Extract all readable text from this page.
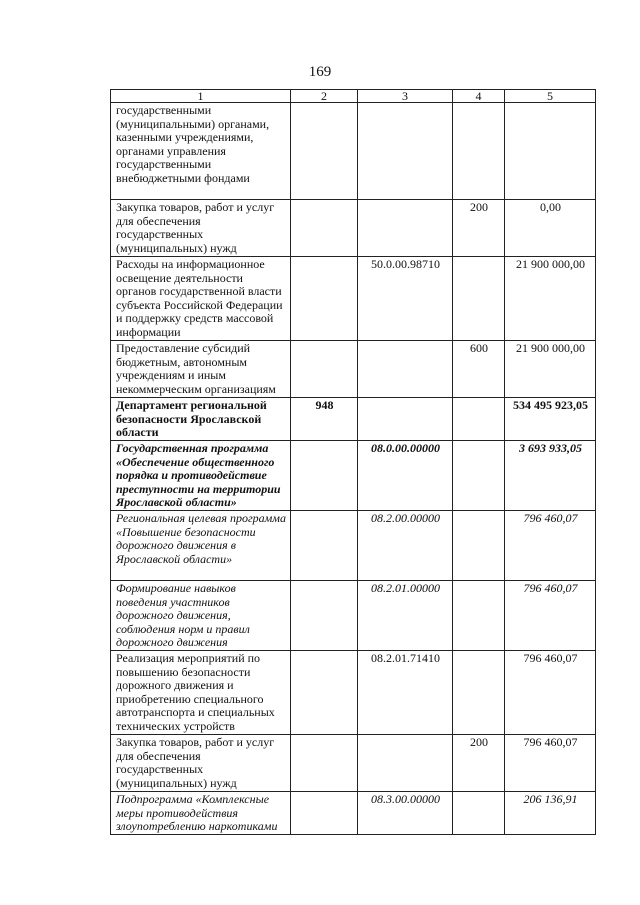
169
1	2	3	4	5
государственными (муниципальными) органами, казенными учреждениями, органами управления государственными внебюджетными фондами				
Закупка товаров, работ и услуг для обеспечения государственных (муниципальных) нужд			200	0,00
Расходы на информационное освещение деятельности органов государственной власти субъекта Российской Федерации и поддержку средств массовой информации		50.0.00.98710		21 900 000,00
Предоставление субсидий бюджетным, автономным учреждениям и иным некоммерческим организациям			600	21 900 000,00
Департамент региональной безопасности Ярославской области	948			534 495 923,05
Государственная программа «Обеспечение общественного порядка и противодействие преступности на территории Ярославской области»		08.0.00.00000		3 693 933,05
Региональная целевая программа «Повышение безопасности дорожного движения в Ярославской области»		08.2.00.00000		796 460,07
Формирование навыков поведения участников дорожного движения, соблюдения норм и правил дорожного движения		08.2.01.00000		796 460,07
Реализация мероприятий по повышению безопасности дорожного движения и приобретению специального автотранспорта и специальных технических устройств		08.2.01.71410		796 460,07
Закупка товаров, работ и услуг для обеспечения государственных (муниципальных) нужд			200	796 460,07
Подпрограмма «Комплексные меры противодействия злоупотреблению наркотиками		08.3.00.00000		206 136,91
